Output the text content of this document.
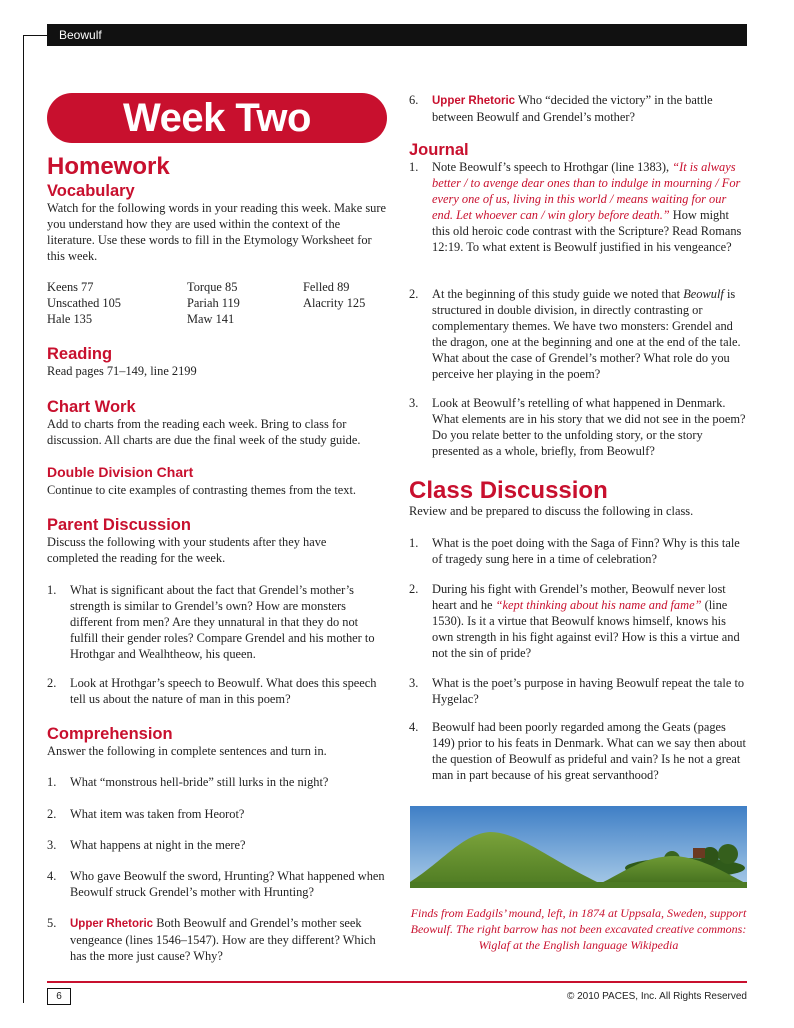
Beowulf
Week Two
Homework
Vocabulary
Watch for the following words in your reading this week. Make sure you understand how they are used within the context of the literature. Use these words to fill in the Etymology Worksheet for this week.
Keens 77	Torque 85	Felled 89
Unscathed 105	Pariah 119	Alacrity 125
Hale 135	Maw 141
Reading
Read pages 71–149, line 2199
Chart Work
Add to charts from the reading each week. Bring to class for discussion. All charts are due the final week of the study guide.
Double Division Chart
Continue to cite examples of contrasting themes from the text.
Parent Discussion
Discuss the following with your students after they have completed the reading for the week.
1.	What is significant about the fact that Grendel’s mother’s strength is similar to Grendel’s own? How are monsters different from men? Are they unnatural in that they do not fulfill their gender roles? Compare Grendel and his mother to Hrothgar and Wealhtheow, his queen.
2.	Look at Hrothgar’s speech to Beowulf. What does this speech tell us about the nature of man in this poem?
Comprehension
Answer the following in complete sentences and turn in.
1.	What “monstrous hell-bride” still lurks in the night?
2.	What item was taken from Heorot?
3.	What happens at night in the mere?
4.	Who gave Beowulf the sword, Hrunting? What happened when Beowulf struck Grendel’s mother with Hrunting?
5.	Upper Rhetoric Both Beowulf and Grendel’s mother seek vengeance (lines 1546–1547). How are they different? Which has the more just cause? Why?
6.	Upper Rhetoric Who “decided the victory” in the battle between Beowulf and Grendel’s mother?
Journal
1.	Note Beowulf’s speech to Hrothgar (line 1383), “It is always better / to avenge dear ones than to indulge in mourning / For every one of us, living in this world / means waiting for our end. Let whoever can / win glory before death.” How might this old heroic code contrast with the Scripture? Read Romans 12:19. To what extent is Beowulf justified in his vengeance?
2.	At the beginning of this study guide we noted that Beowulf is structured in double division, in directly contrasting or complementary themes. We have two monsters: Grendel and the dragon, one at the beginning and one at the end of the tale. What about the case of Grendel’s mother? What role do you perceive her playing in the poem?
3.	Look at Beowulf’s retelling of what happened in Denmark. What elements are in his story that we did not see in the poem? Do you relate better to the unfolding story, or the story presented as a whole, briefly, from Beowulf?
Class Discussion
Review and be prepared to discuss the following in class.
1.	What is the poet doing with the Saga of Finn? Why is this tale of tragedy sung here in a time of celebration?
2.	During his fight with Grendel’s mother, Beowulf never lost heart and he “kept thinking about his name and fame” (line 1530). Is it a virtue that Beowulf knows himself, knows his own strength in his fight against evil? How is this a virtue and not the sin of pride?
3.	What is the poet’s purpose in having Beowulf repeat the tale to Hygelac?
4.	Beowulf had been poorly regarded among the Geats (pages 149) prior to his feats in Denmark. What can we say then about the question of Beowulf as prideful and vain? Is he not a great man in part because of his great servanthood?
Finds from Eadgils’ mound, left, in 1874 at Uppsala, Sweden, support Beowulf. The right barrow has not been excavated creative commons: Wiglaf at the English language Wikipedia
6	© 2010 PACES, Inc. All Rights Reserved
